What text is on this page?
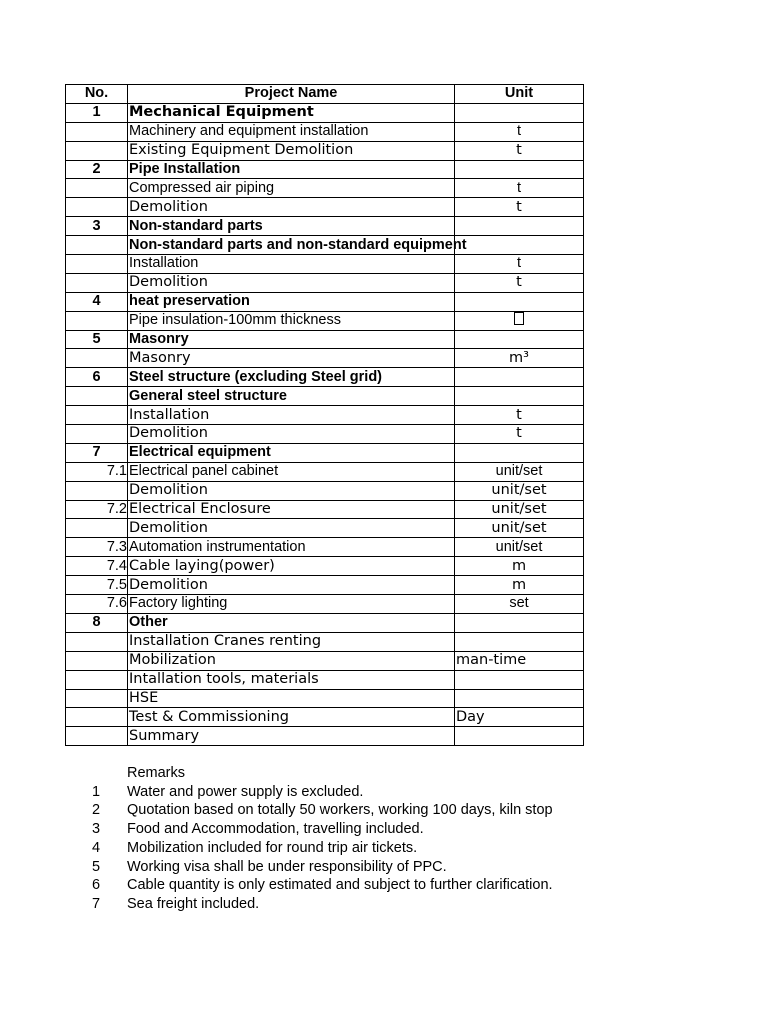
No.	Project Name	Unit
1	Mechanical Equipment	
	Machinery and equipment installation	t
	Existing Equipment Demolition	t
2	Pipe Installation	
	Compressed air piping	t
	Demolition	t
3	Non-standard parts	
	Non-standard parts and non-standard equipment	
	Installation	t
	Demolition	t
4	heat preservation	
	Pipe insulation-100mm thickness	
5	Masonry	
	Masonry	m³
6	Steel structure (excluding Steel grid)	
	General steel structure	
	Installation	t
	Demolition	t
7	Electrical equipment	
7.1	Electrical panel cabinet	unit/set
	Demolition	unit/set
7.2	Electrical Enclosure	unit/set
	Demolition	unit/set
7.3	Automation instrumentation	unit/set
7.4	Cable laying(power)	m
7.5	Demolition	m
7.6	Factory lighting	set
8	Other	
	Installation Cranes renting	
	Mobilization	man-time
	Intallation tools, materials	
	HSE	
	Test & Commissioning	Day
	Summary	
Remarks
1	Water and power supply is excluded.
2	Quotation based on totally 50 workers, working 100 days, kiln stop
3	Food and Accommodation, travelling included.
4	Mobilization included for round trip air tickets.
5	Working visa shall be under responsibility of PPC.
6	Cable quantity is only estimated and subject to further clarification.
7	Sea freight included.
